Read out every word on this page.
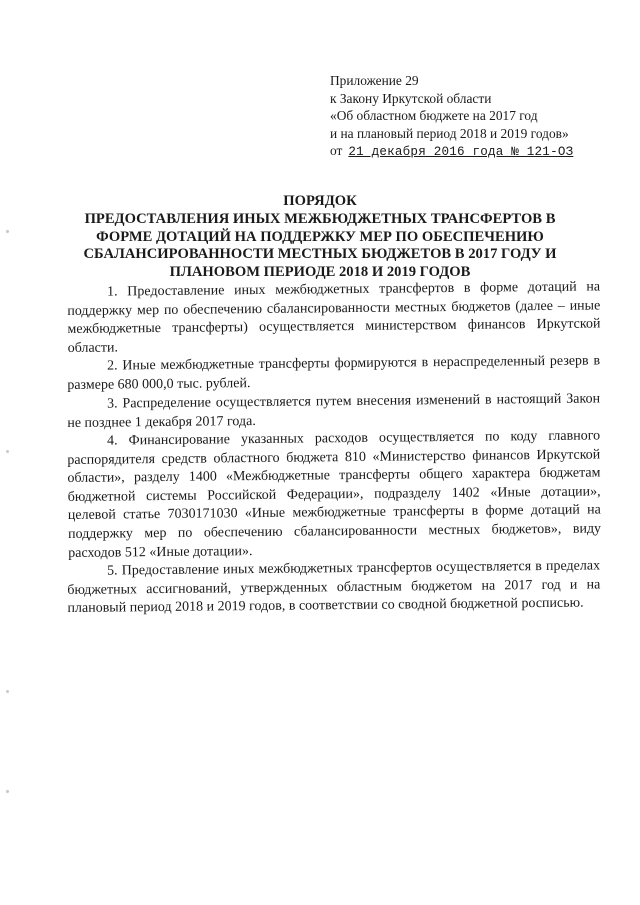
Приложение 29
к Закону Иркутской области
«Об областном бюджете на 2017 год
и на плановый период 2018 и 2019 годов»
от 21 декабря 2016 года № 121-ОЗ
ПОРЯДОК
ПРЕДОСТАВЛЕНИЯ ИНЫХ МЕЖБЮДЖЕТНЫХ ТРАНСФЕРТОВ В
ФОРМЕ ДОТАЦИЙ НА ПОДДЕРЖКУ МЕР ПО ОБЕСПЕЧЕНИЮ
СБАЛАНСИРОВАННОСТИ МЕСТНЫХ БЮДЖЕТОВ В 2017 ГОДУ И
ПЛАНОВОМ ПЕРИОДЕ 2018 И 2019 ГОДОВ

1. Предоставление иных межбюджетных трансфертов в форме дотаций на поддержку мер по обеспечению сбалансированности местных бюджетов (далее – иные межбюджетные трансферты) осуществляется министерством финансов Иркутской области.

2. Иные межбюджетные трансферты формируются в нераспределенный резерв в размере 680 000,0 тыс. рублей.

3. Распределение осуществляется путем внесения изменений в настоящий Закон не позднее 1 декабря 2017 года.

4. Финансирование указанных расходов осуществляется по коду главного распорядителя средств областного бюджета 810 «Министерство финансов Иркутской области», разделу 1400 «Межбюджетные трансферты общего характера бюджетам бюджетной системы Российской Федерации», подразделу 1402 «Иные дотации», целевой статье 7030171030 «Иные межбюджетные трансферты в форме дотаций на поддержку мер по обеспечению сбалансированности местных бюджетов», виду расходов 512 «Иные дотации».

5. Предоставление иных межбюджетных трансфертов осуществляется в пределах бюджетных ассигнований, утвержденных областным бюджетом на 2017 год и на плановый период 2018 и 2019 годов, в соответствии со сводной бюджетной росписью.
